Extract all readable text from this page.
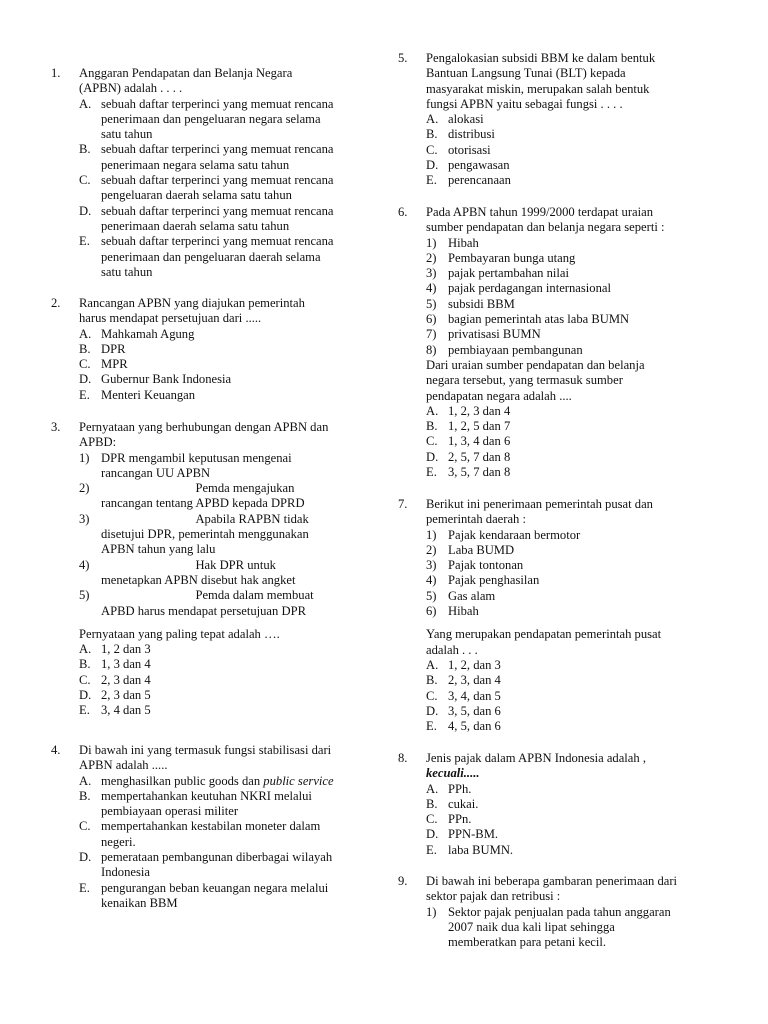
1.	Anggaran Pendapatan dan Belanja Negara
(APBN) adalah . . . .
A. sebuah daftar terperinci yang memuat rencana
penerimaan dan pengeluaran negara selama
satu tahun
B. sebuah daftar terperinci yang memuat rencana
penerimaan negara selama satu tahun
C. sebuah daftar terperinci yang memuat rencana
pengeluaran daerah selama satu tahun
D. sebuah daftar terperinci yang memuat rencana
penerimaan daerah selama satu tahun
E. sebuah daftar terperinci yang memuat rencana
penerimaan dan pengeluaran daerah selama
satu tahun
2.	Rancangan APBN yang diajukan pemerintah
harus mendapat persetujuan dari .....
A. Mahkamah Agung
B. DPR
C. MPR
D. Gubernur Bank Indonesia
E. Menteri Keuangan
3.	Pernyataan yang berhubungan dengan APBN dan
APBD:
1) DPR mengambil keputusan mengenai
rancangan UU APBN
2)	Pemda mengajukan
rancangan tentang APBD kepada DPRD
3)	Apabila RAPBN tidak
disetujui DPR, pemerintah menggunakan
APBN tahun yang lalu
4)	Hak DPR untuk
menetapkan APBN disebut hak angket
5)	Pemda dalam membuat
APBD harus mendapat persetujuan DPR
Pernyataan yang paling tepat adalah ….
A. 1, 2 dan 3
B. 1, 3 dan 4
C. 2, 3 dan 4
D. 2, 3 dan 5
E. 3, 4 dan 5
4.	Di bawah ini yang termasuk fungsi stabilisasi dari
APBN adalah .....
A. menghasilkan public goods dan public service
B. mempertahankan keutuhan NKRI melalui
pembiayaan operasi militer
C. mempertahankan kestabilan moneter dalam
negeri.
D. pemerataan pembangunan diberbagai wilayah
Indonesia
E. pengurangan beban keuangan negara melalui
kenaikan BBM
5.	Pengalokasian subsidi BBM ke dalam bentuk
Bantuan Langsung Tunai (BLT) kepada
masyarakat miskin, merupakan salah bentuk
fungsi APBN yaitu sebagai fungsi . . . .
A. alokasi
B. distribusi
C. otorisasi
D. pengawasan
E. perencanaan
6.	Pada APBN tahun 1999/2000 terdapat uraian
sumber pendapatan dan belanja negara seperti :
1) Hibah
2) Pembayaran bunga utang
3) pajak pertambahan nilai
4) pajak perdagangan internasional
5) subsidi BBM
6) bagian pemerintah atas laba BUMN
7) privatisasi BUMN
8) pembiayaan pembangunan
Dari uraian sumber pendapatan dan belanja
negara tersebut, yang termasuk sumber
pendapatan negara adalah ....
A. 1, 2, 3 dan 4
B. 1, 2, 5 dan 7
C. 1, 3, 4 dan 6
D. 2, 5, 7 dan 8
E. 3, 5, 7 dan 8
7.	Berikut ini penerimaan pemerintah pusat dan
pemerintah daerah :
1) Pajak kendaraan bermotor
2) Laba BUMD
3) Pajak tontonan
4) Pajak penghasilan
5) Gas alam
6) Hibah
Yang merupakan pendapatan pemerintah pusat
adalah . . .
A. 1, 2, dan 3
B. 2, 3, dan 4
C. 3, 4, dan 5
D. 3, 5, dan 6
E. 4, 5, dan 6
8.	Jenis pajak dalam APBN Indonesia adalah ,
kecuali.....
A. PPh.
B. cukai.
C. PPn.
D. PPN-BM.
E. laba BUMN.
9.	Di bawah ini beberapa gambaran penerimaan dari
sektor pajak dan retribusi :
1) Sektor pajak penjualan pada tahun anggaran
2007 naik dua kali lipat sehingga
memberatkan para petani kecil.
